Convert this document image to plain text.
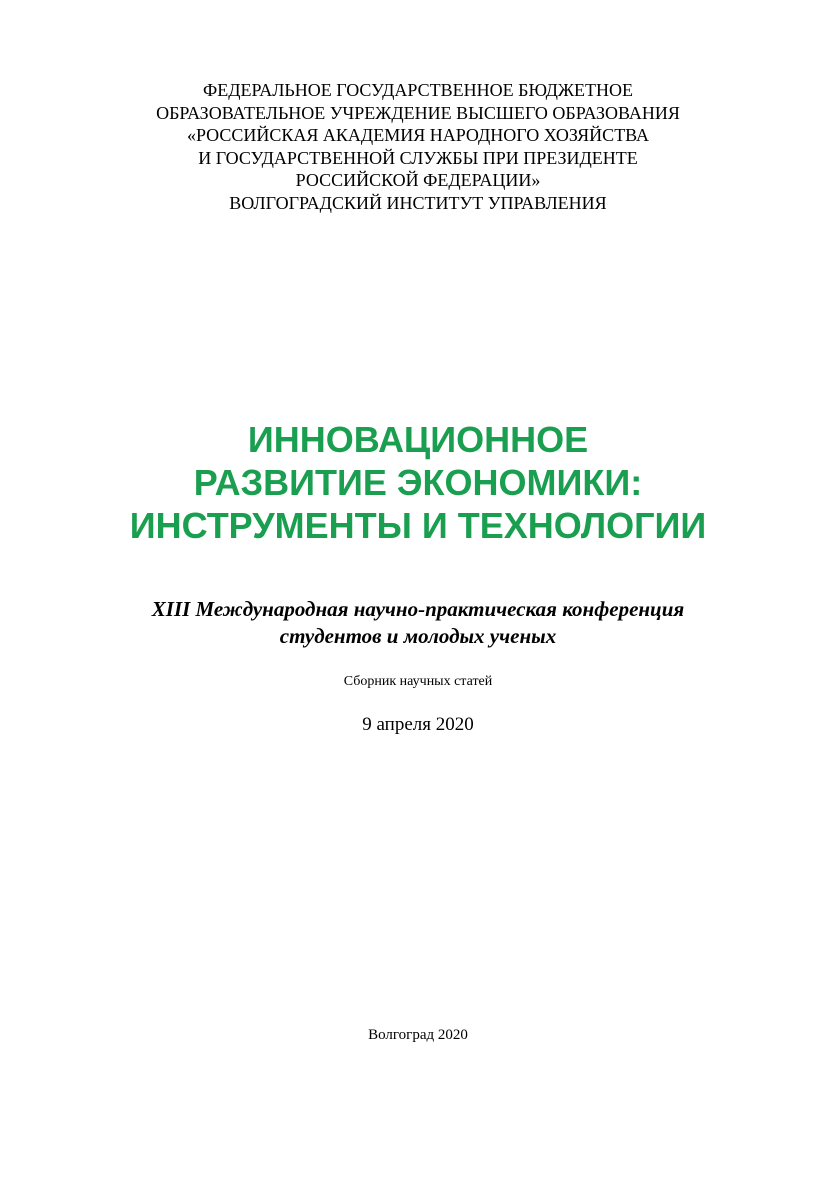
ФЕДЕРАЛЬНОЕ ГОСУДАРСТВЕННОЕ БЮДЖЕТНОЕ
ОБРАЗОВАТЕЛЬНОЕ УЧРЕЖДЕНИЕ ВЫСШЕГО ОБРАЗОВАНИЯ
«РОССИЙСКАЯ АКАДЕМИЯ НАРОДНОГО ХОЗЯЙСТВА
И ГОСУДАРСТВЕННОЙ СЛУЖБЫ ПРИ ПРЕЗИДЕНТЕ
РОССИЙСКОЙ ФЕДЕРАЦИИ»
ВОЛГОГРАДСКИЙ ИНСТИТУТ УПРАВЛЕНИЯ
ИННОВАЦИОННОЕ
РАЗВИТИЕ ЭКОНОМИКИ:
ИНСТРУМЕНТЫ И ТЕХНОЛОГИИ
XIII Международная научно-практическая конференция
студентов и молодых ученых
Сборник научных статей
9 апреля 2020
Волгоград 2020
